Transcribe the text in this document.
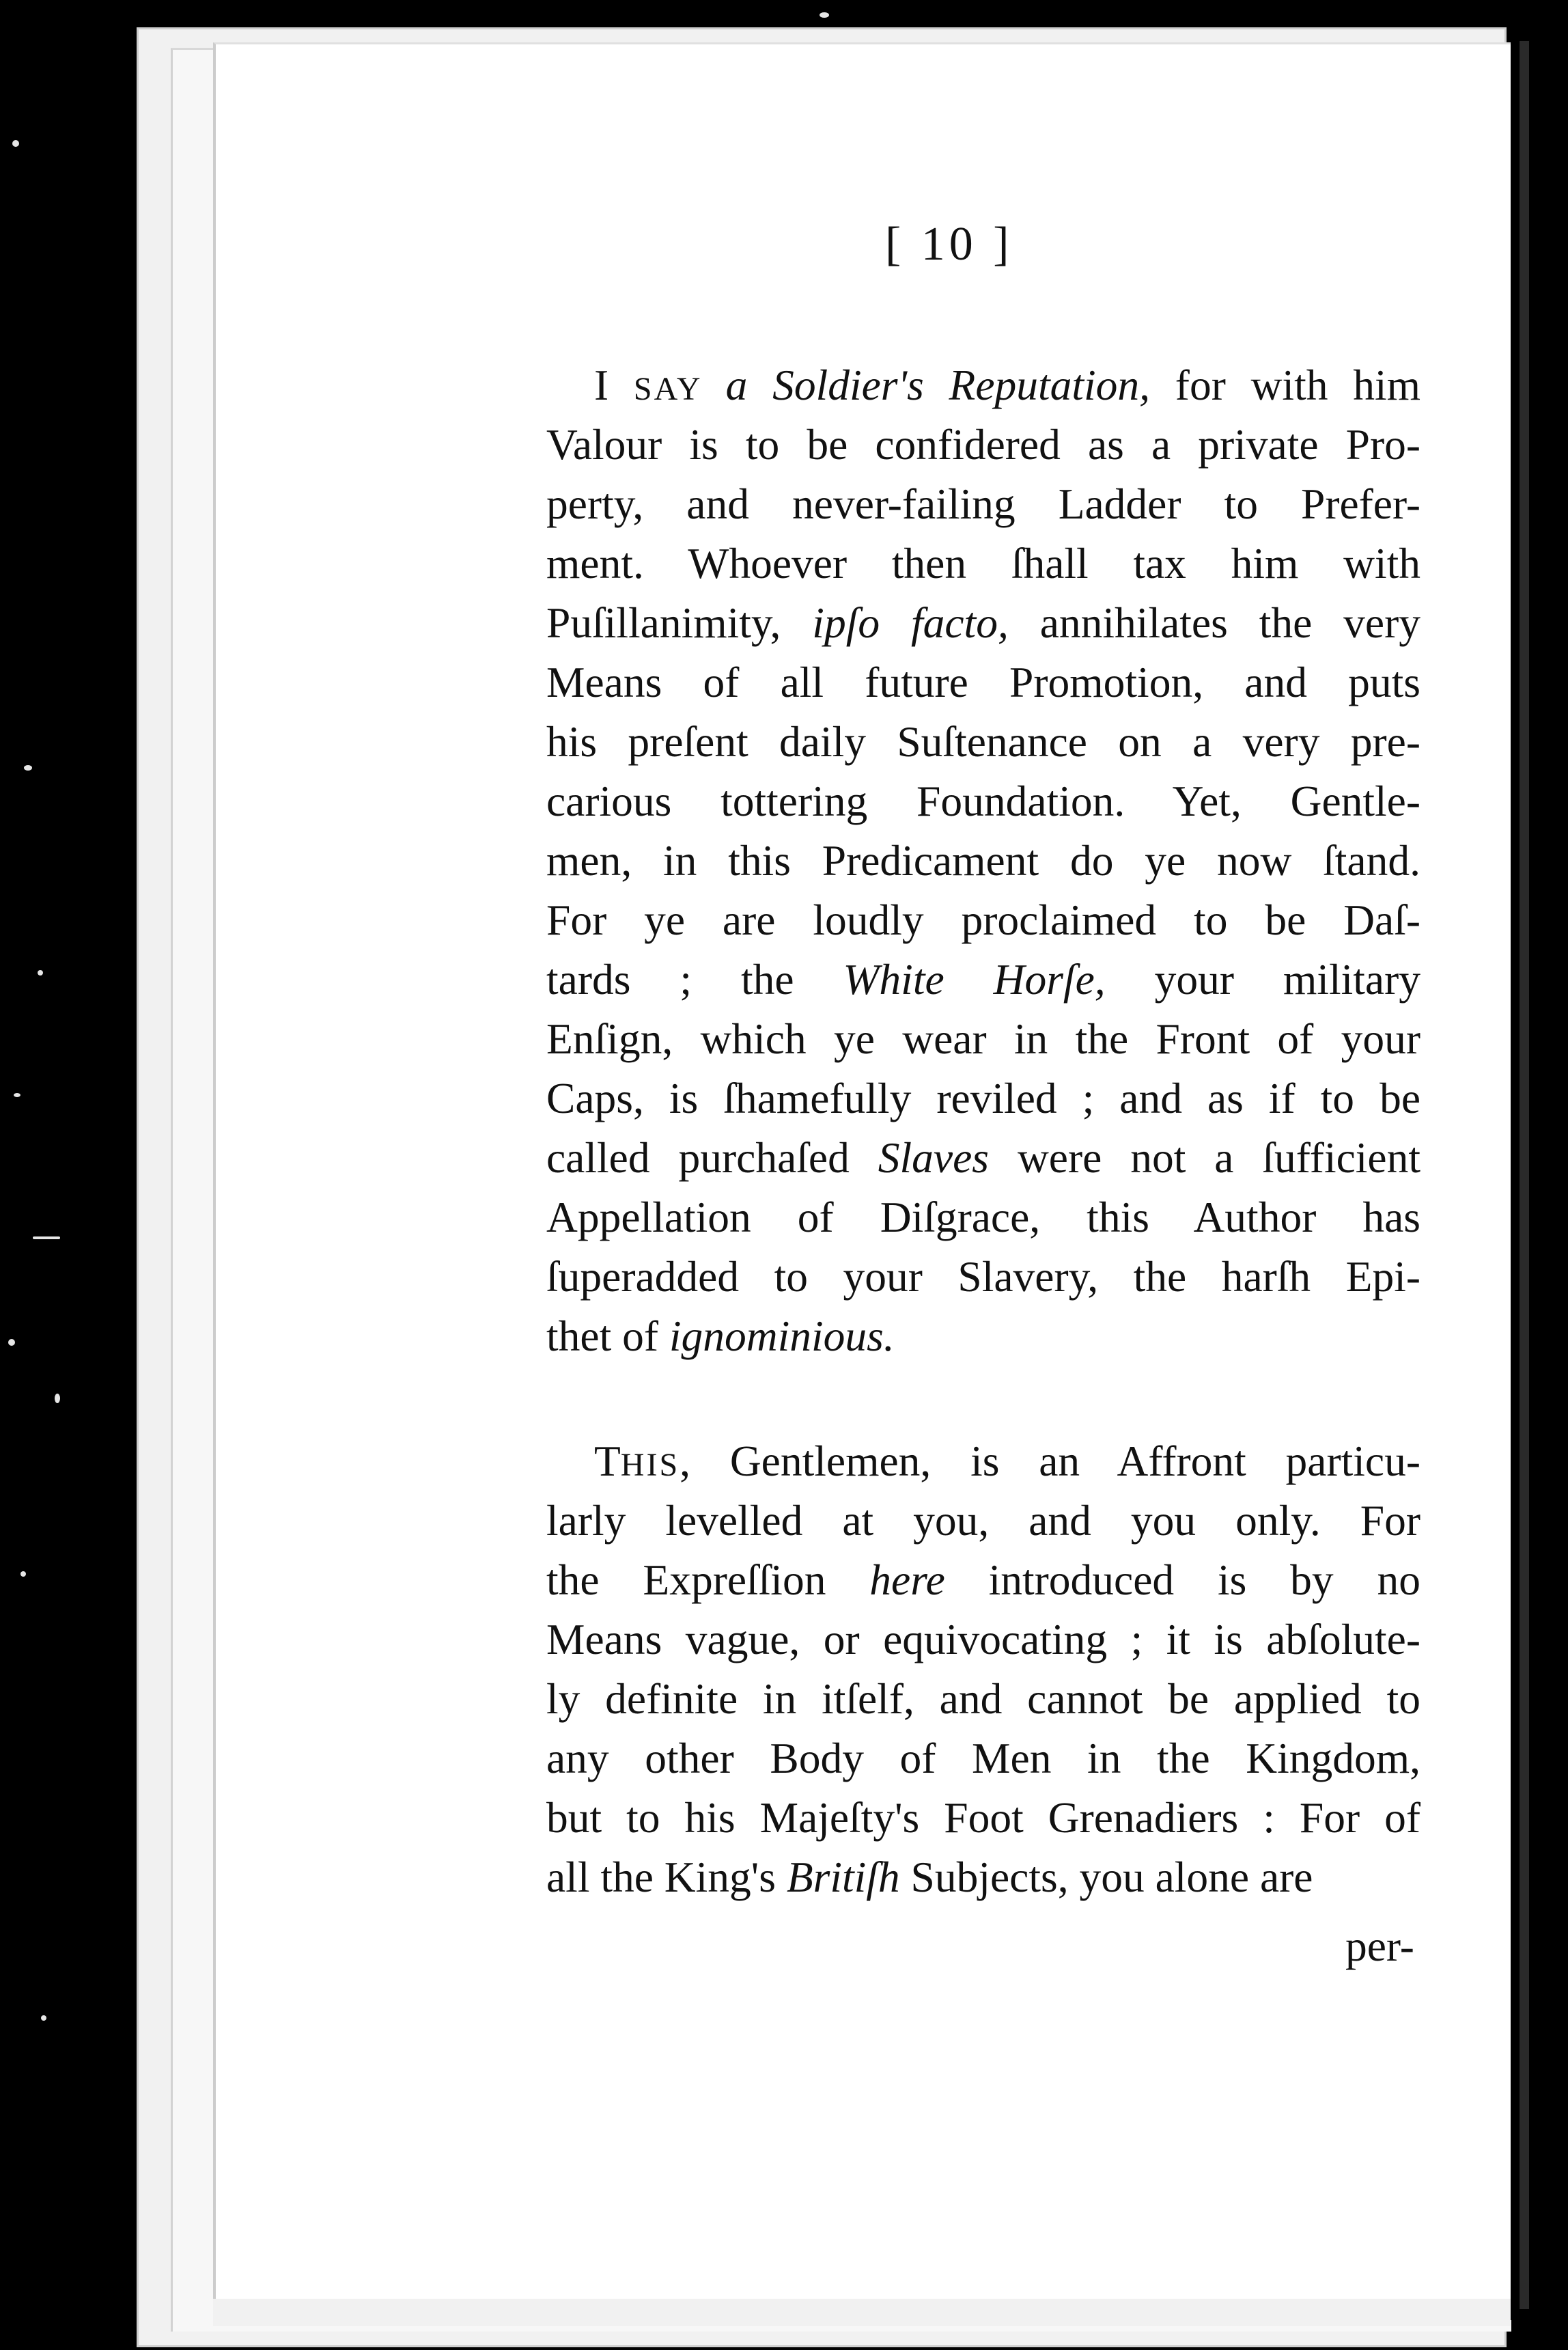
[ 10 ]
I SAY a Soldier's Reputation, for with him
Valour is to be confidered as a private Pro-
perty, and never-failing Ladder to Prefer-
ment. Whoever then ſhall tax him with
Puſillanimity, ipſo facto, annihilates the very
Means of all future Promotion, and puts
his preſent daily Suſtenance on a very pre-
carious tottering Foundation. Yet, Gentle-
men, in this Predicament do ye now ſtand.
For ye are loudly proclaimed to be Daſ-
tards ; the White Horſe, your military
Enſign, which ye wear in the Front of your
Caps, is ſhamefully reviled ; and as if to be
called purchaſed Slaves were not a ſufficient
Appellation of Diſgrace, this Author has
ſuperadded to your Slavery, the harſh Epi-
thet of ignominious.
THIS, Gentlemen, is an Affront particu-
larly levelled at you, and you only. For
the Expreſſion here introduced is by no
Means vague, or equivocating ; it is abſolute-
ly definite in itſelf, and cannot be applied to
any other Body of Men in the Kingdom,
but to his Majeſty's Foot Grenadiers : For of
all the King's Britiſh Subjects, you alone are
per-
